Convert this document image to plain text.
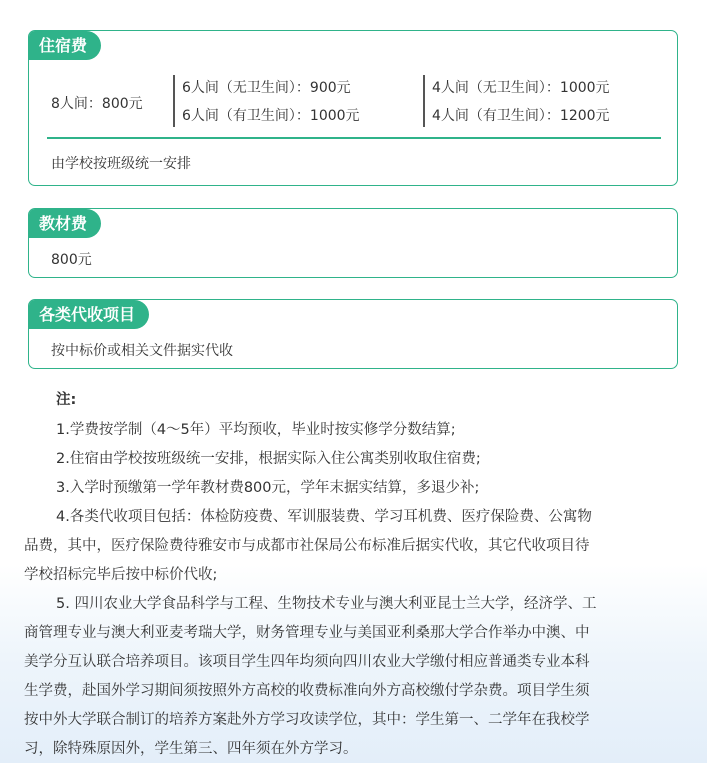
住宿费
8人间：800元
6人间（无卫生间）：900元
6人间（有卫生间）：1000元
4人间（无卫生间）：1000元
4人间（有卫生间）：1200元
由学校按班级统一安排
教材费
800元
各类代收项目
按中标价或相关文件据实代收
注:
1.学费按学制（4～5年）平均预收，毕业时按实修学分数结算;
2.住宿由学校按班级统一安排，根据实际入住公寓类别收取住宿费;
3.入学时预缴第一学年教材费800元，学年末据实结算，多退少补;
4.各类代收项目包括：体检防疫费、军训服装费、学习耳机费、医疗保险费、公寓物
品费，其中，医疗保险费待雅安市与成都市社保局公布标准后据实代收，其它代收项目待
学校招标完毕后按中标价代收;
5. 四川农业大学食品科学与工程、生物技术专业与澳大利亚昆士兰大学，经济学、工
商管理专业与澳大利亚麦考瑞大学，财务管理专业与美国亚利桑那大学合作举办中澳、中
美学分互认联合培养项目。该项目学生四年均须向四川农业大学缴付相应普通类专业本科
生学费，赴国外学习期间须按照外方高校的收费标准向外方高校缴付学杂费。项目学生须
按中外大学联合制订的培养方案赴外方学习攻读学位，其中：学生第一、二学年在我校学
习，除特殊原因外，学生第三、四年须在外方学习。
